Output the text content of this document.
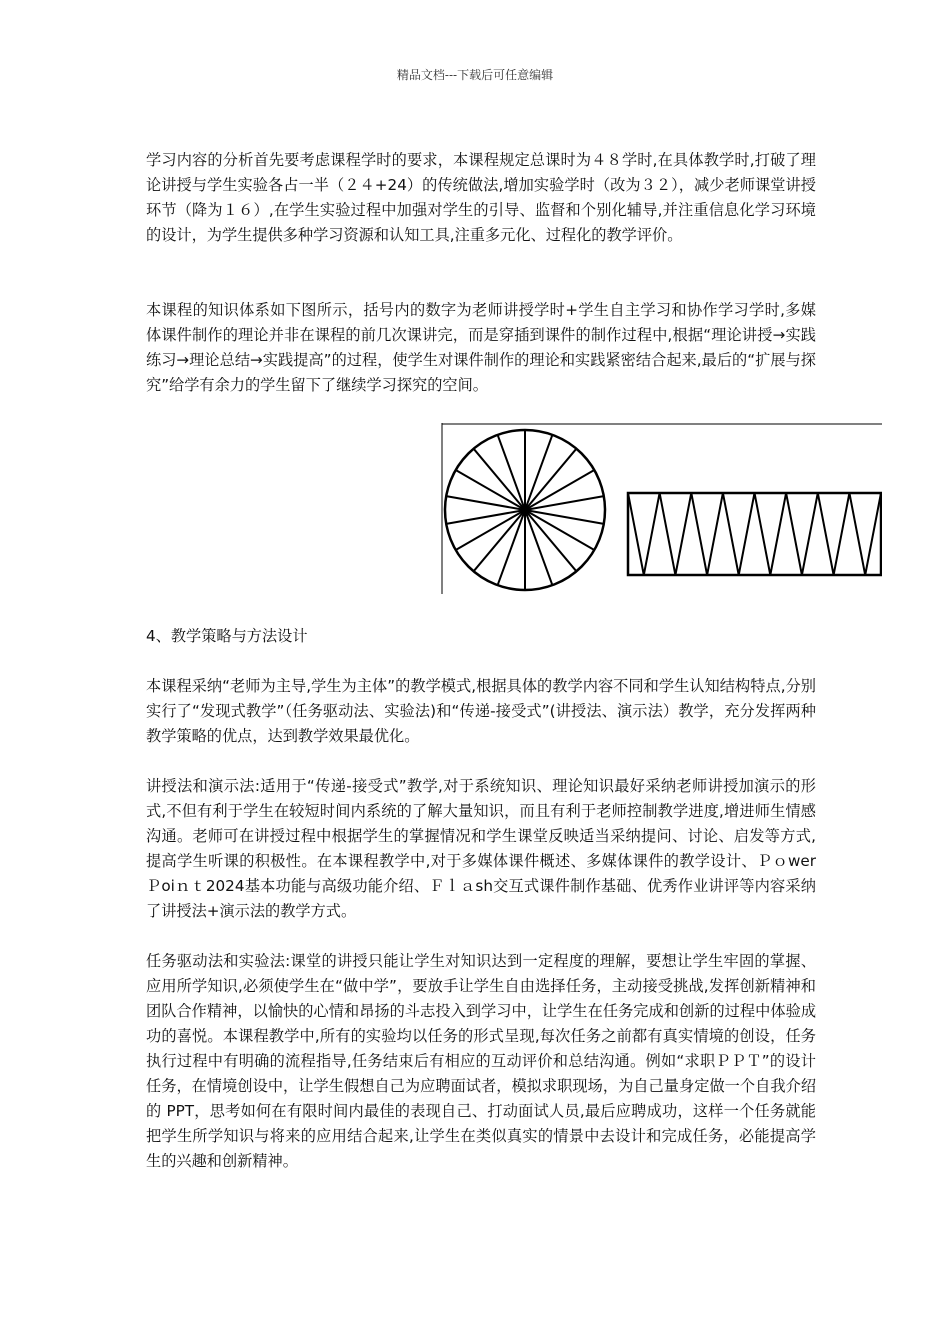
精品文档---下载后可任意编辑

学习内容的分析首先要考虑课程学时的要求，本课程规定总课时为４８学时,在具体教学时,打破了理论讲授与学生实验各占一半（２４+24）的传统做法,增加实验学时（改为３２），减少老师课堂讲授环节（降为１６）,在学生实验过程中加强对学生的引导、监督和个别化辅导,并注重信息化学习环境的设计，为学生提供多种学习资源和认知工具,注重多元化、过程化的教学评价。

本课程的知识体系如下图所示，括号内的数字为老师讲授学时+学生自主学习和协作学习学时,多媒体课件制作的理论并非在课程的前几次课讲完，而是穿插到课件的制作过程中,根据“理论讲授→实践练习→理论总结→实践提高”的过程，使学生对课件制作的理论和实践紧密结合起来,最后的“扩展与探究”给学有余力的学生留下了继续学习探究的空间。

4、教学策略与方法设计

本课程采纳“老师为主导,学生为主体”的教学模式,根据具体的教学内容不同和学生认知结构特点,分别实行了“发现式教学”（任务驱动法、实验法)和“传递-接受式”(讲授法、演示法）教学，充分发挥两种教学策略的优点，达到教学效果最优化。

讲授法和演示法:适用于“传递-接受式”教学,对于系统知识、理论知识最好采纳老师讲授加演示的形式,不但有利于学生在较短时间内系统的了解大量知识，而且有利于老师控制教学进度,增进师生情感沟通。老师可在讲授过程中根据学生的掌握情况和学生课堂反映适当采纳提问、讨论、启发等方式,提高学生听课的积极性。在本课程教学中,对于多媒体课件概述、多媒体课件的教学设计、ＰｏwerＰoiｎｔ2024基本功能与高级功能介绍、Ｆｌａsh交互式课件制作基础、优秀作业讲评等内容采纳了讲授法+演示法的教学方式。

任务驱动法和实验法:课堂的讲授只能让学生对知识达到一定程度的理解，要想让学生牢固的掌握、应用所学知识,必须使学生在“做中学”，要放手让学生自由选择任务，主动接受挑战,发挥创新精神和团队合作精神，以愉快的心情和昂扬的斗志投入到学习中，让学生在任务完成和创新的过程中体验成功的喜悦。本课程教学中,所有的实验均以任务的形式呈现,每次任务之前都有真实情境的创设，任务执行过程中有明确的流程指导,任务结束后有相应的互动评价和总结沟通。例如“求职ＰＰＴ”的设计任务，在情境创设中，让学生假想自己为应聘面试者，模拟求职现场，为自己量身定做一个自我介绍的 PPT，思考如何在有限时间内最佳的表现自己、打动面试人员,最后应聘成功，这样一个任务就能把学生所学知识与将来的应用结合起来,让学生在类似真实的情景中去设计和完成任务，必能提高学生的兴趣和创新精神。
